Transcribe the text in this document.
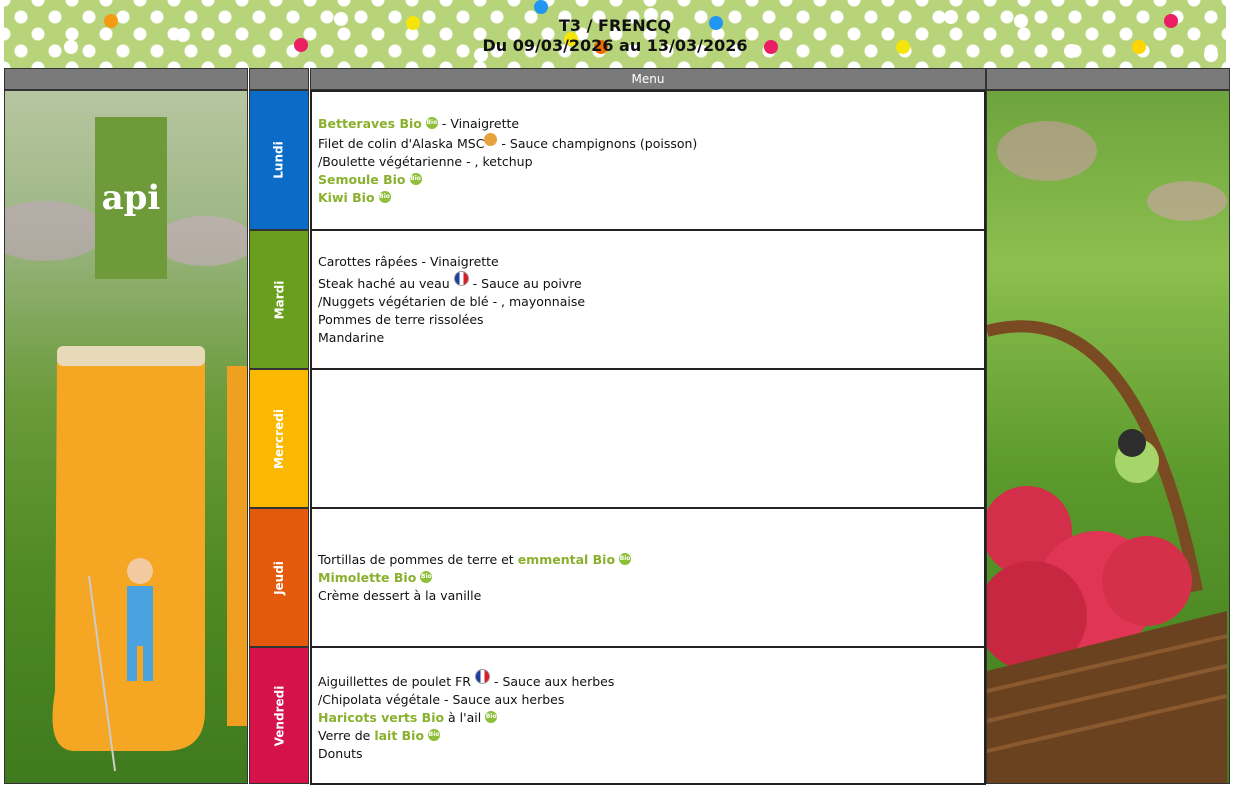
T3 / FRENCQ
Du 09/03/2026 au 13/03/2026
Menu
api
Lundi
Mardi
Mercredi
Jeudi
Vendredi
Betteraves Bio Bio - Vinaigrette
Filet de colin d'Alaska MSC - Sauce champignons (poisson)
/Boulette végétarienne - , ketchup
Semoule Bio Bio
Kiwi Bio Bio
Carottes râpées - Vinaigrette
Steak haché au veau - Sauce au poivre
/Nuggets végétarien de blé - , mayonnaise
Pommes de terre rissolées
Mandarine
Tortillas de pommes de terre et emmental Bio Bio
Mimolette Bio Bio
Crème dessert à la vanille
Aiguillettes de poulet FR - Sauce aux herbes
/Chipolata végétale - Sauce aux herbes
Haricots verts Bio à l'ail Bio
Verre de lait Bio Bio
Donuts
